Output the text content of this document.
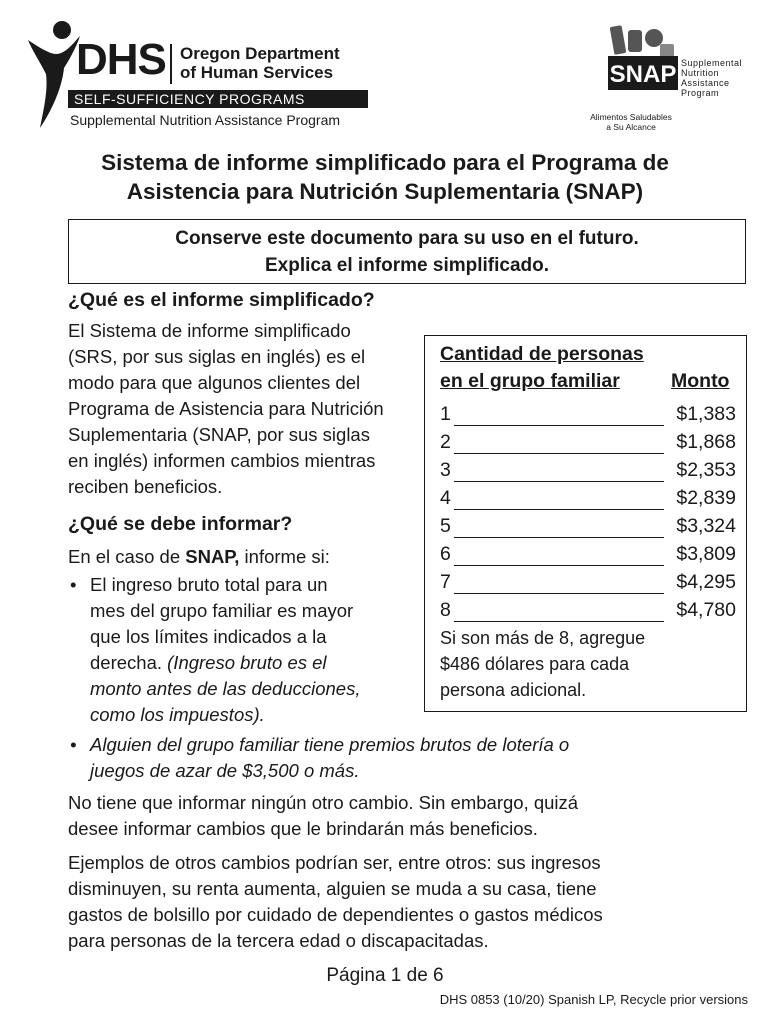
DHS Oregon Department
of Human Services
SELF-SUFFICIENCY PROGRAMS
Supplemental Nutrition Assistance Program
SNAP Supplemental
Nutrition
Assistance
Program
Alimentos Saludables
a Su Alcance
Sistema de informe simplificado para el Programa de
Asistencia para Nutrición Suplementaria (SNAP)
Conserve este documento para su uso en el futuro.
Explica el informe simplificado.
¿Qué es el informe simplificado?
El Sistema de informe simplificado
(SRS, por sus siglas en inglés) es el
modo para que algunos clientes del
Programa de Asistencia para Nutrición
Suplementaria (SNAP, por sus siglas
en inglés) informen cambios mientras
reciben beneficios.
¿Qué se debe informar?
En el caso de SNAP, informe si:
• El ingreso bruto total para un
mes del grupo familiar es mayor
que los límites indicados a la
derecha. (Ingreso bruto es el
monto antes de las deducciones,
como los impuestos).
• Alguien del grupo familiar tiene premios brutos de lotería o
juegos de azar de $3,500 o más.
Cantidad de personas
en el grupo familiar	Monto
1	$1,383
2	$1,868
3	$2,353
4	$2,839
5	$3,324
6	$3,809
7	$4,295
8	$4,780
Si son más de 8, agregue
$486 dólares para cada
persona adicional.
No tiene que informar ningún otro cambio. Sin embargo, quizá
desee informar cambios que le brindarán más beneficios.
Ejemplos de otros cambios podrían ser, entre otros: sus ingresos
disminuyen, su renta aumenta, alguien se muda a su casa, tiene
gastos de bolsillo por cuidado de dependientes o gastos médicos
para personas de la tercera edad o discapacitadas.
Página 1 de 6
DHS 0853 (10/20) Spanish LP, Recycle prior versions
